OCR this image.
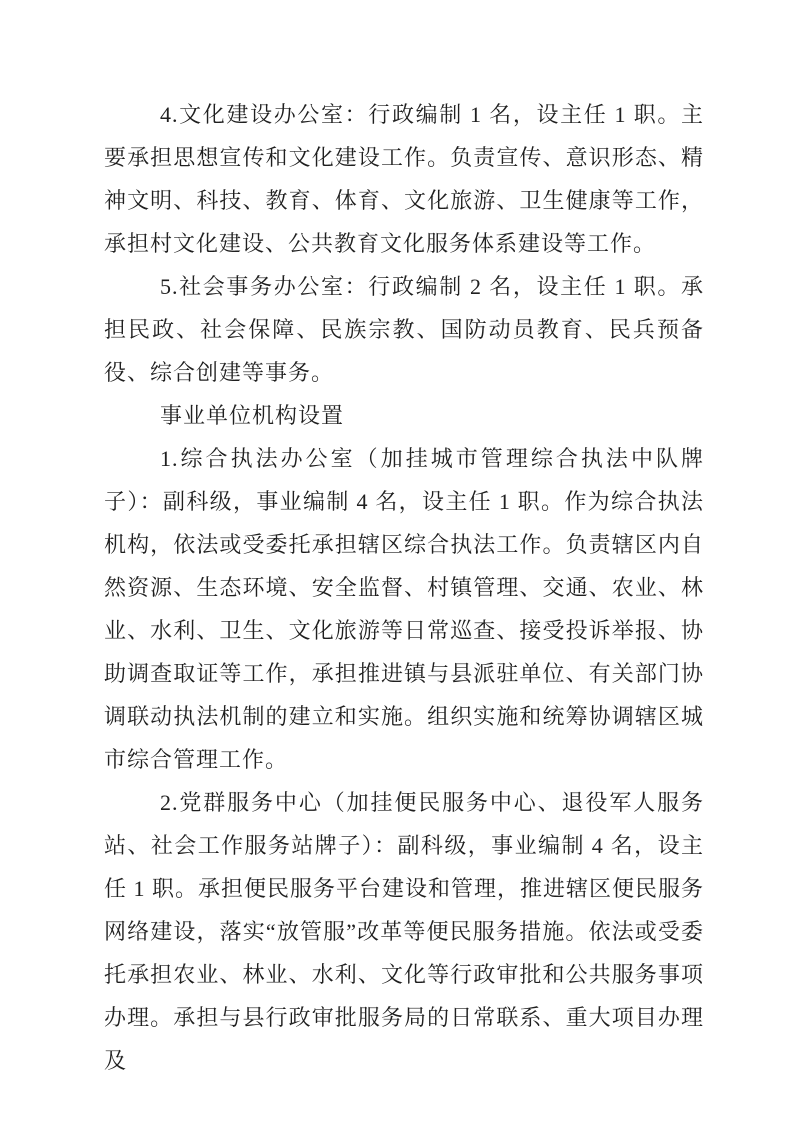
4.文化建设办公室：行政编制 1 名，设主任 1 职。主要承担思想宣传和文化建设工作。负责宣传、意识形态、精神文明、科技、教育、体育、文化旅游、卫生健康等工作，承担村文化建设、公共教育文化服务体系建设等工作。

5.社会事务办公室：行政编制 2 名，设主任 1 职。承担民政、社会保障、民族宗教、国防动员教育、民兵预备役、综合创建等事务。

事业单位机构设置

1.综合执法办公室（加挂城市管理综合执法中队牌子）：副科级，事业编制 4 名，设主任 1 职。作为综合执法机构，依法或受委托承担辖区综合执法工作。负责辖区内自然资源、生态环境、安全监督、村镇管理、交通、农业、林业、水利、卫生、文化旅游等日常巡查、接受投诉举报、协助调查取证等工作，承担推进镇与县派驻单位、有关部门协调联动执法机制的建立和实施。组织实施和统筹协调辖区城市综合管理工作。

2.党群服务中心（加挂便民服务中心、退役军人服务站、社会工作服务站牌子）：副科级，事业编制 4 名，设主任 1 职。承担便民服务平台建设和管理，推进辖区便民服务网络建设，落实“放管服”改革等便民服务措施。依法或受委托承担农业、林业、水利、文化等行政审批和公共服务事项办理。承担与县行政审批服务局的日常联系、重大项目办理及
